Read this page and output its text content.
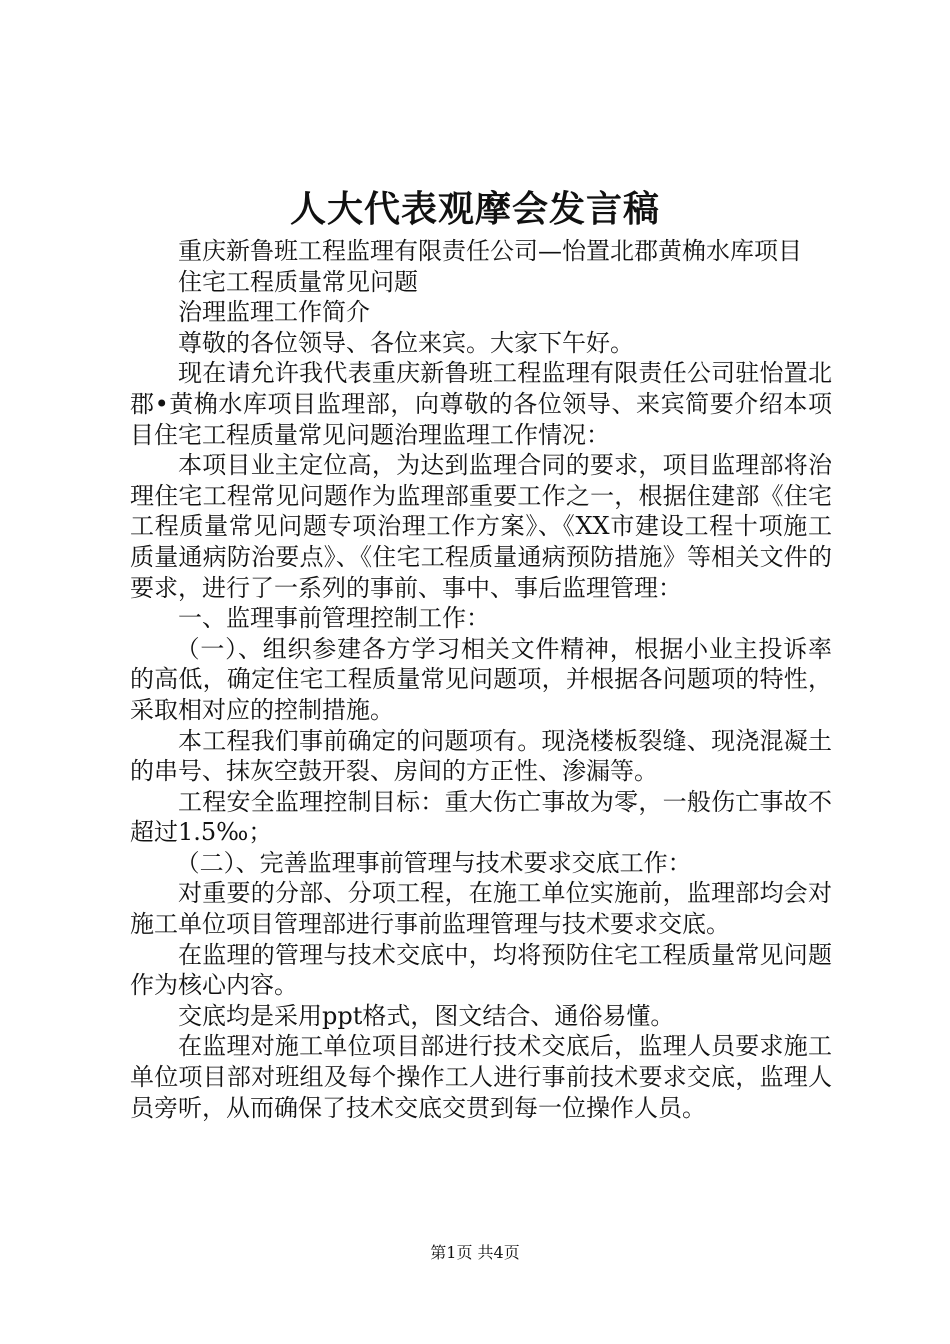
人大代表观摩会发言稿

重庆新鲁班工程监理有限责任公司—怡置北郡黄桷水库项目

住宅工程质量常见问题

治理监理工作简介

尊敬的各位领导、各位来宾。大家下午好。

现在请允许我代表重庆新鲁班工程监理有限责任公司驻怡置北郡•黄桷水库项目监理部，向尊敬的各位领导、来宾简要介绍本项目住宅工程质量常见问题治理监理工作情况：

本项目业主定位高，为达到监理合同的要求，项目监理部将治理住宅工程常见问题作为监理部重要工作之一，根据住建部《住宅工程质量常见问题专项治理工作方案》、《XX市建设工程十项施工质量通病防治要点》、《住宅工程质量通病预防措施》等相关文件的要求，进行了一系列的事前、事中、事后监理管理：

一、监理事前管理控制工作：

（一）、组织参建各方学习相关文件精神，根据小业主投诉率的高低，确定住宅工程质量常见问题项，并根据各问题项的特性，采取相对应的控制措施。

本工程我们事前确定的问题项有。现浇楼板裂缝、现浇混凝土的串号、抹灰空鼓开裂、房间的方正性、渗漏等。

工程安全监理控制目标：重大伤亡事故为零，一般伤亡事故不超过1.5‰；

（二）、完善监理事前管理与技术要求交底工作：

对重要的分部、分项工程，在施工单位实施前，监理部均会对施工单位项目管理部进行事前监理管理与技术要求交底。

在监理的管理与技术交底中，均将预防住宅工程质量常见问题作为核心内容。

交底均是采用ppt格式，图文结合、通俗易懂。

在监理对施工单位项目部进行技术交底后，监理人员要求施工单位项目部对班组及每个操作工人进行事前技术要求交底，监理人员旁听，从而确保了技术交底交贯到每一位操作人员。

第1页 共4页
